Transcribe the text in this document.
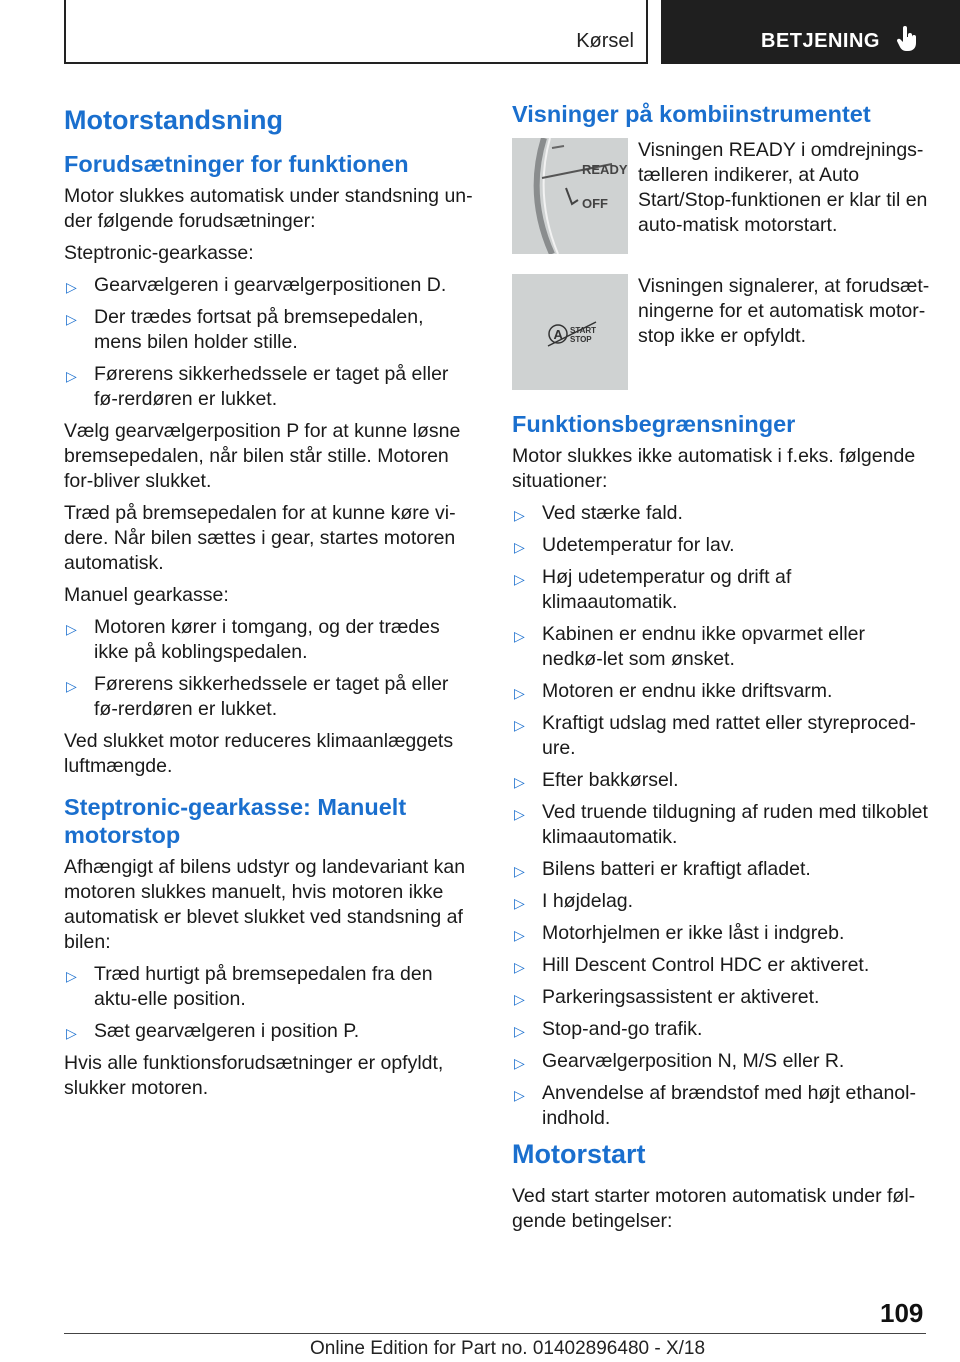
Kørsel	BETJENING
Motorstandsning
Forudsætninger for funktionen

Motor slukkes automatisk under standsning un-der følgende forudsætninger:

Steptronic-gearkasse:

▷ Gearvælgeren i gearvælgerpositionen D.
▷ Der trædes fortsat på bremsepedalen, mens bilen holder stille.
▷ Førerens sikkerhedssele er taget på eller fø-rerdøren er lukket.

Vælg gearvælgerposition P for at kunne løsne bremsepedalen, når bilen står stille. Motoren for-bliver slukket.

Træd på bremsepedalen for at kunne køre vi-dere. Når bilen sættes i gear, startes motoren automatisk.

Manuel gearkasse:

▷ Motoren kører i tomgang, og der trædes ikke på koblingspedalen.
▷ Førerens sikkerhedssele er taget på eller fø-rerdøren er lukket.

Ved slukket motor reduceres klimaanlæggets luftmængde.

Steptronic-gearkasse: Manuelt motorstop

Afhængigt af bilens udstyr og landevariant kan motoren slukkes manuelt, hvis motoren ikke automatisk er blevet slukket ved standsning af bilen:

▷ Træd hurtigt på bremsepedalen fra den aktu-elle position.
▷ Sæt gearvælgeren i position P.

Hvis alle funktionsforudsætninger er opfyldt, slukker motoren.

Visninger på kombiinstrumentet
READY
OFF
Visningen READY i omdrejnings-tælleren indikerer, at Auto Start/Stop-funktionen er klar til en auto-matisk motorstart.
A START
STOP
Visningen signalerer, at forudsæt-ningerne for et automatisk motor-stop ikke er opfyldt.
Funktionsbegrænsninger

Motor slukkes ikke automatisk i f.eks. følgende situationer:

▷ Ved stærke fald.
▷ Udetemperatur for lav.
▷ Høj udetemperatur og drift af klimaautomatik.
▷ Kabinen er endnu ikke opvarmet eller nedkø-let som ønsket.
▷ Motoren er endnu ikke driftsvarm.
▷ Kraftigt udslag med rattet eller styreproced-ure.
▷ Efter bakkørsel.
▷ Ved truende tildugning af ruden med tilkoblet klimaautomatik.
▷ Bilens batteri er kraftigt afladet.
▷ I højdelag.
▷ Motorhjelmen er ikke låst i indgreb.
▷ Hill Descent Control HDC er aktiveret.
▷ Parkeringsassistent er aktiveret.
▷ Stop-and-go trafik.
▷ Gearvælgerposition N, M/S eller R.
▷ Anvendelse af brændstof med højt ethanol-indhold.
Motorstart

Ved start starter motoren automatisk under føl-gende betingelser:

109
Online Edition for Part no. 01402896480 - X/18
